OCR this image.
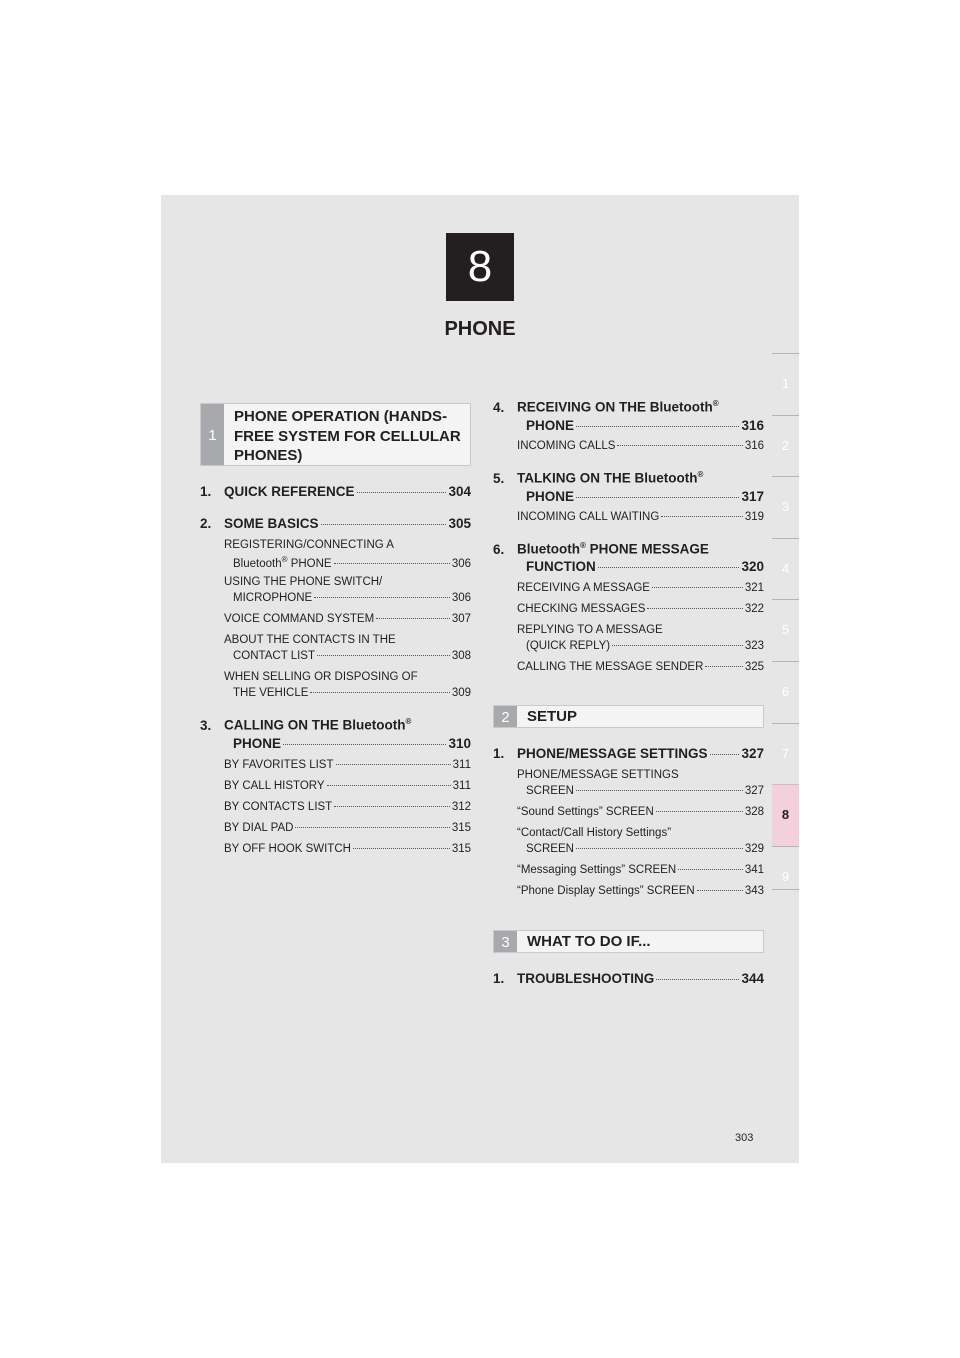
8
PHONE
1
2
3
4
5
6
7
8
9
1
PHONE OPERATION (HANDS-
FREE SYSTEM FOR CELLULAR
PHONES)
1. QUICK REFERENCE	304
2. SOME BASICS	305
REGISTERING/CONNECTING A
Bluetooth® PHONE	306
USING THE PHONE SWITCH/
MICROPHONE	306
VOICE COMMAND SYSTEM	307
ABOUT THE CONTACTS IN THE
CONTACT LIST	308
WHEN SELLING OR DISPOSING OF
THE VEHICLE	309
3. CALLING ON THE Bluetooth®
PHONE	310
BY FAVORITES LIST	311
BY CALL HISTORY	311
BY CONTACTS LIST	312
BY DIAL PAD	315
BY OFF HOOK SWITCH	315
4. RECEIVING ON THE Bluetooth®
PHONE	316
INCOMING CALLS	316
5. TALKING ON THE Bluetooth®
PHONE	317
INCOMING CALL WAITING	319
6. Bluetooth® PHONE MESSAGE
FUNCTION	320
RECEIVING A MESSAGE	321
CHECKING MESSAGES	322
REPLYING TO A MESSAGE
(QUICK REPLY)	323
CALLING THE MESSAGE SENDER	325
2	SETUP
1. PHONE/MESSAGE SETTINGS	327
PHONE/MESSAGE SETTINGS
SCREEN	327
“Sound Settings” SCREEN	328
“Contact/Call History Settings”
SCREEN	329
“Messaging Settings” SCREEN	341
“Phone Display Settings” SCREEN	343
3	WHAT TO DO IF...
1. TROUBLESHOOTING	344
303
